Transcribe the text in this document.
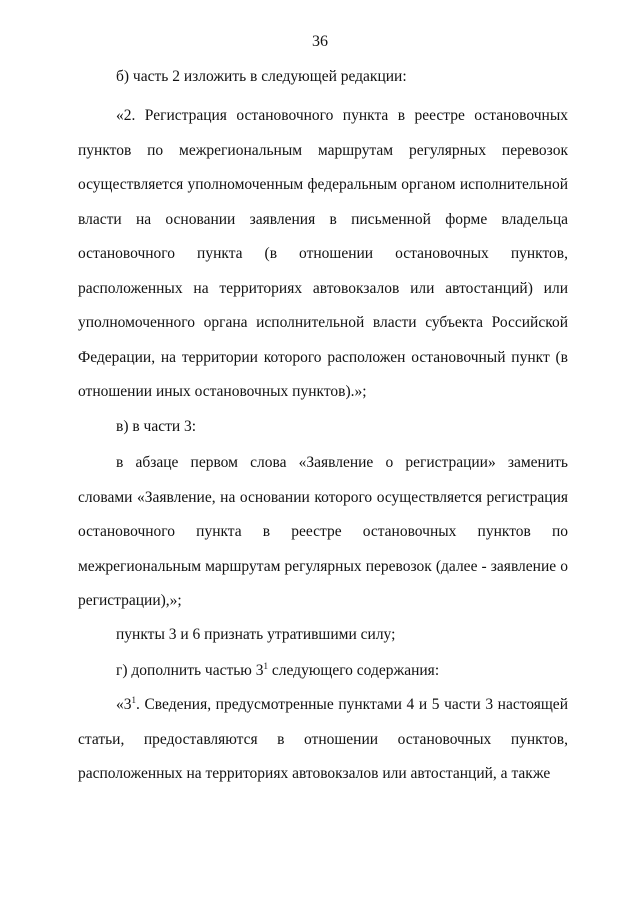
36

б) часть 2 изложить в следующей редакции:

«2. Регистрация остановочного пункта в реестре остановочных пунктов по межрегиональным маршрутам регулярных перевозок осуществляется уполномоченным федеральным органом исполнительной власти на основании заявления в письменной форме владельца остановочного пункта (в отношении остановочных пунктов, расположенных на территориях автовокзалов или автостанций) или уполномоченного органа исполнительной власти субъекта Российской Федерации, на территории которого расположен остановочный пункт (в отношении иных остановочных пунктов).»;

в) в части 3:

в абзаце первом слова «Заявление о регистрации» заменить словами «Заявление, на основании которого осуществляется регистрация остановочного пункта в реестре остановочных пунктов по межрегиональным маршрутам регулярных перевозок (далее - заявление о регистрации),»;

пункты 3 и 6 признать утратившими силу;

г) дополнить частью $3^1$ следующего содержания:

«$3^1$. Сведения, предусмотренные пунктами 4 и 5 части 3 настоящей статьи, предоставляются в отношении остановочных пунктов, расположенных на территориях автовокзалов или автостанций, а также
